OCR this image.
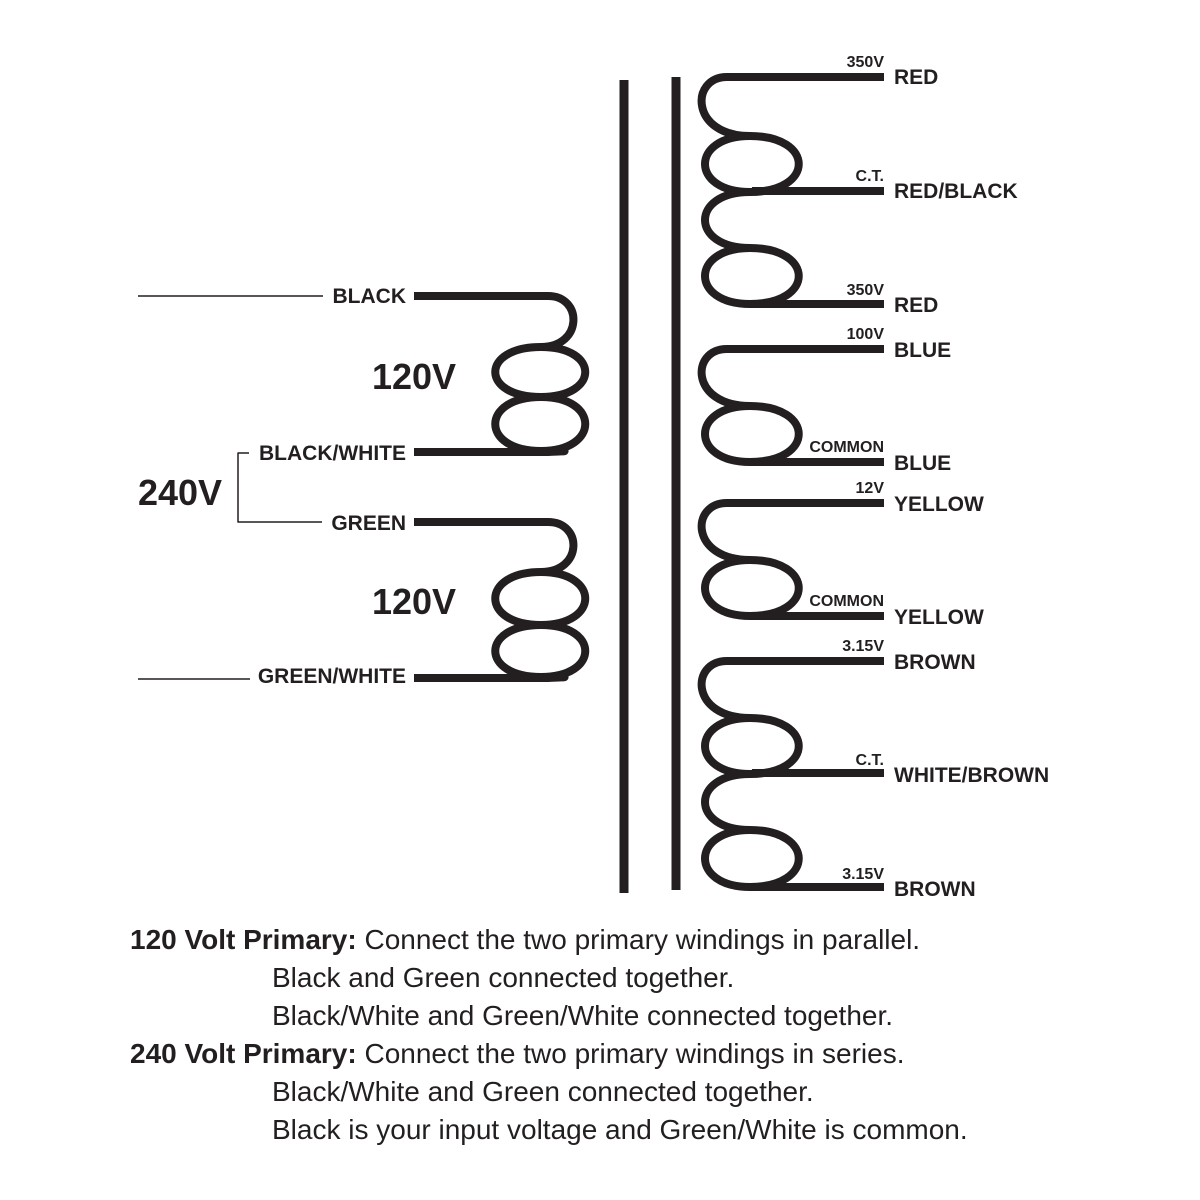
BLACK
BLACK/WHITE
GREEN
GREEN/WHITE
120V
120V
240V
350V
RED
C.T.
RED/BLACK
350V
RED
100V
BLUE
COMMON
BLUE
12V
YELLOW
COMMON
YELLOW
3.15V
BROWN
C.T.
WHITE/BROWN
3.15V
BROWN
120 Volt Primary: Connect the two primary windings in parallel.
Black and Green connected together.
Black/White and Green/White connected together.
240 Volt Primary: Connect the two primary windings in series.
Black/White and Green connected together.
Black is your input voltage and Green/White is common.
